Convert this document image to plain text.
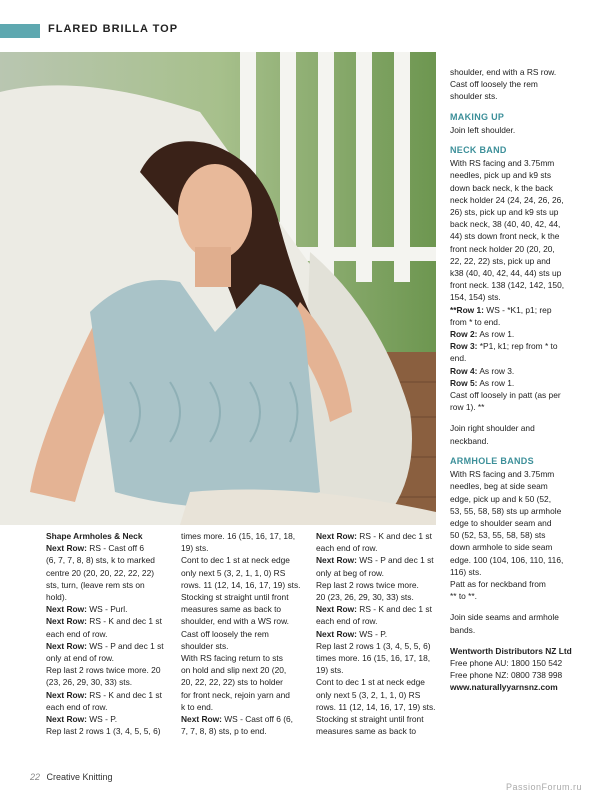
FLARED BRILLA TOP

shoulder, end with a RS row.

Cast off loosely the rem

shoulder sts.

MAKING UP

Join left shoulder.

NECK BAND

With RS facing and 3.75mm

needles, pick up and k9 sts

down back neck, k the back

neck holder 24 (24, 24, 26, 26,

26) sts, pick up and k9 sts up

back neck, 38 (40, 40, 42, 44,

44) sts down front neck, k the

front neck holder 20 (20, 20,

22, 22, 22) sts, pick up and

k38 (40, 40, 42, 44, 44) sts up

front neck. 138 (142, 142, 150,

154, 154) sts.

**Row 1: WS - *K1, p1; rep

from * to end.

Row 2: As row 1.

Row 3: *P1, k1; rep from * to

end.

Row 4: As row 3.

Row 5: As row 1.

Cast off loosely in patt (as per

row 1). **

Join right shoulder and

neckband.

ARMHOLE BANDS

With RS facing and 3.75mm

needles, beg at side seam

edge, pick up and k 50 (52,

53, 55, 58, 58) sts up armhole

edge to shoulder seam and

50 (52, 53, 55, 58, 58) sts

down armhole to side seam

edge. 100 (104, 106, 110, 116,

116) sts.

Patt as for neckband from

** to **.

Join side seams and armhole

bands.

Wentworth Distributors NZ Ltd

Free phone AU: 1800 150 542

Free phone NZ: 0800 738 998

www.naturallyyarnsnz.com

Shape Armholes & Neck

Next Row: RS - Cast off 6

(6, 7, 7, 8, 8) sts, k to marked

centre 20 (20, 20, 22, 22, 22)

sts, turn, (leave rem sts on

hold).

Next Row: WS - Purl.

Next Row: RS - K and dec 1 st

each end of row.

Next Row: WS - P and dec 1 st

only at end of row.

Rep last 2 rows twice more. 20

(23, 26, 29, 30, 33) sts.

Next Row: RS - K and dec 1 st

each end of row.

Next Row: WS - P.

Rep last 2 rows 1 (3, 4, 5, 5, 6)

times more. 16 (15, 16, 17, 18,

19) sts.

Cont to dec 1 st at neck edge

only next 5 (3, 2, 1, 1, 0) RS

rows. 11 (12, 14, 16, 17, 19) sts.

Stocking st straight until front

measures same as back to

shoulder, end with a WS row.

Cast off loosely the rem

shoulder sts.

With RS facing return to sts

on hold and slip next 20 (20,

20, 22, 22, 22) sts to holder

for front neck, rejoin yarn and

k to end.

Next Row: WS - Cast off 6 (6,

7, 7, 8, 8) sts, p to end.

Next Row: RS - K and dec 1 st

each end of row.

Next Row: WS - P and dec 1 st

only at beg of row.

Rep last 2 rows twice more.

20 (23, 26, 29, 30, 33) sts.

Next Row: RS - K and dec 1 st

each end of row.

Next Row: WS - P.

Rep last 2 rows 1 (3, 4, 5, 5, 6)

times more. 16 (15, 16, 17, 18,

19) sts.

Cont to dec 1 st at neck edge

only next 5 (3, 2, 1, 1, 0) RS

rows. 11 (12, 14, 16, 17, 19) sts.

Stocking st straight until front

measures same as back to

22 Creative Knitting
PassionForum.ru
